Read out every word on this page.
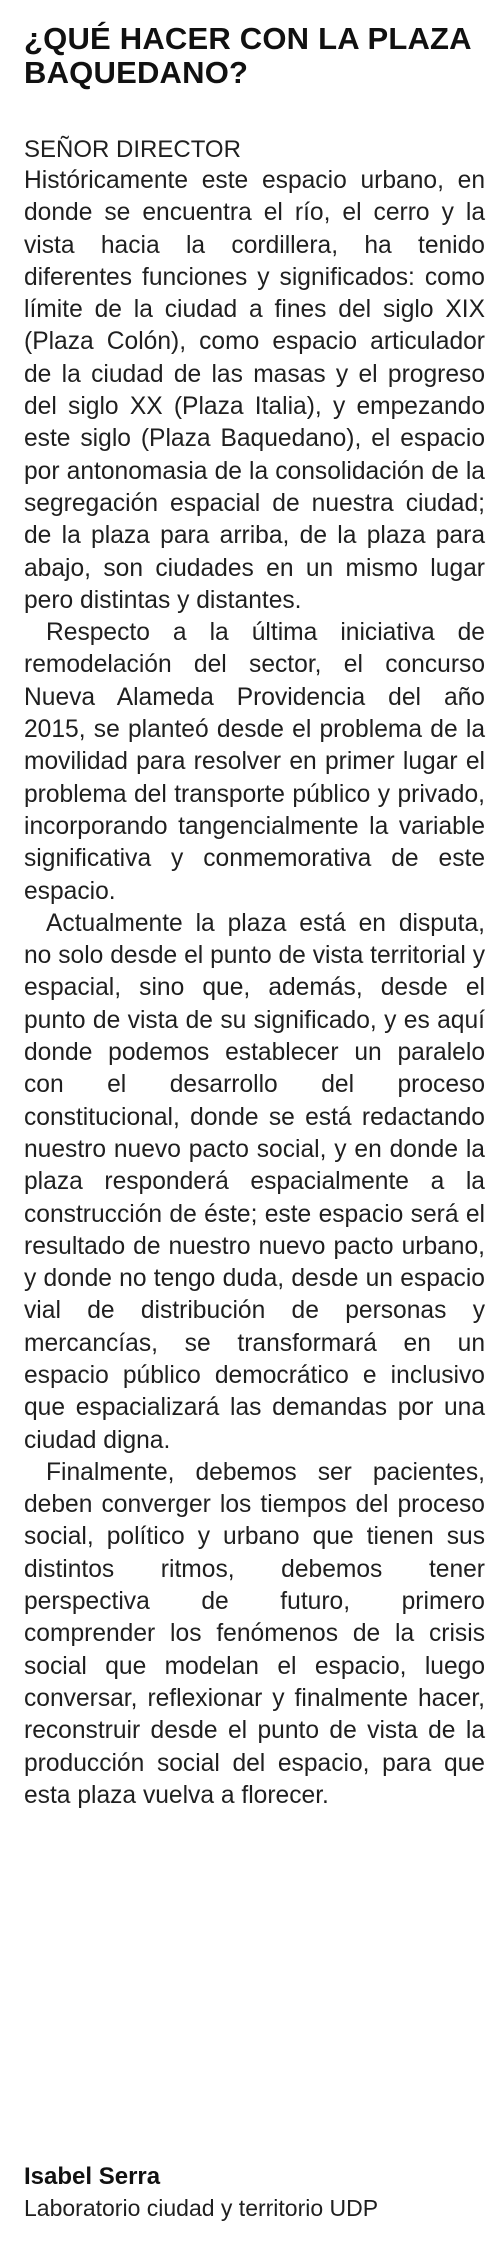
¿QUÉ HACER CON LA PLAZA BAQUEDANO?

SEÑOR DIRECTOR

Históricamente este espacio urbano, en donde se encuentra el río, el cerro y la vista hacia la cordillera, ha tenido diferentes funciones y significados: como límite de la ciudad a fines del siglo XIX (Plaza Colón), como espacio articulador de la ciudad de las masas y el progreso del siglo XX (Plaza Italia), y empezando este siglo (Plaza Baquedano), el espacio por antonomasia de la consolidación de la segregación espacial de nuestra ciudad; de la plaza para arriba, de la plaza para abajo, son ciudades en un mismo lugar pero distintas y distantes.

Respecto a la última iniciativa de remodelación del sector, el concurso Nueva Alameda Providencia del año 2015, se planteó desde el problema de la movilidad para resolver en primer lugar el problema del transporte público y privado, incorporando tangencialmente la variable significativa y conmemorativa de este espacio.

Actualmente la plaza está en disputa, no solo desde el punto de vista territorial y espacial, sino que, además, desde el punto de vista de su significado, y es aquí donde podemos establecer un paralelo con el desarrollo del proceso constitucional, donde se está redactando nuestro nuevo pacto social, y en donde la plaza responderá espacialmente a la construcción de éste; este espacio será el resultado de nuestro nuevo pacto urbano, y donde no tengo duda, desde un espacio vial de distribución de personas y mercancías, se transformará en un espacio público democrático e inclusivo que espacializará las demandas por una ciudad digna.

Finalmente, debemos ser pacientes, deben converger los tiempos del proceso social, político y urbano que tienen sus distintos ritmos, debemos tener perspectiva de futuro, primero comprender los fenómenos de la crisis social que modelan el espacio, luego conversar, reflexionar y finalmente hacer, reconstruir desde el punto de vista de la producción social del espacio, para que esta plaza vuelva a florecer.

Isabel Serra
Laboratorio ciudad y territorio UDP
